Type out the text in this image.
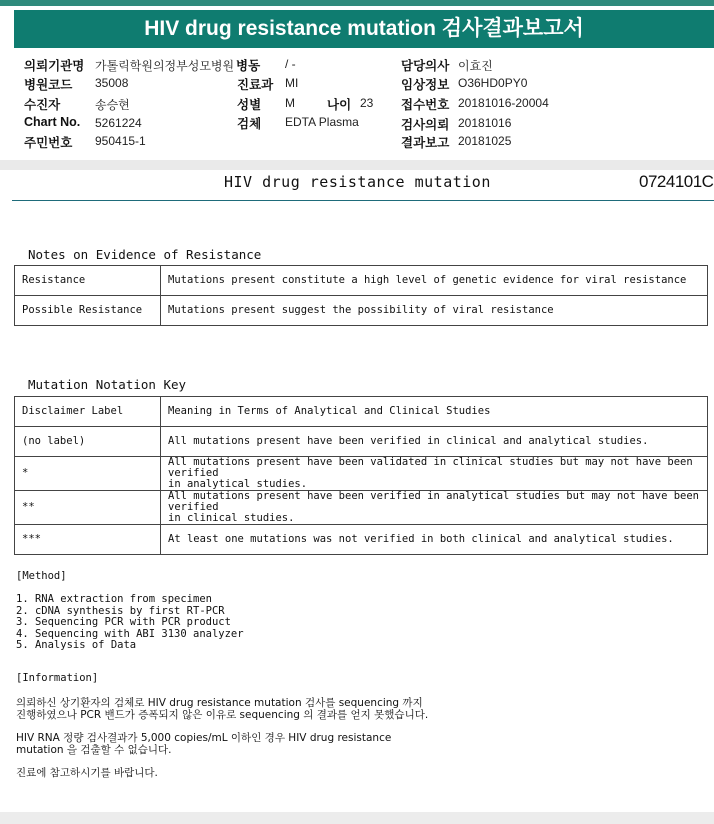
HIV drug resistance mutation 검사결과보고서
의뢰기관명 가톨릭학원의정부성모병원 병동 / -
병원코드 35008
수진자	송승현
Chart No. 5261224
주민번호 950415-1
진료과 MI
성별 M	나이 23
검체 EDTA Plasma
담당의사 이효진
임상정보 O36HD0PY0
접수번호 20181016-20004
검사의뢰 20181016
결과보고 20181025
HIV drug resistance mutation	0724101C
Notes on Evidence of Resistance
Resistance	Mutations present constitute a high level of genetic evidence for viral resistance
Possible Resistance	Mutations present suggest the possibility of viral resistance
Mutation Notation Key
Disclaimer Label	Meaning in Terms of Analytical and Clinical Studies
(no label)	All mutations present have been verified in clinical and analytical studies.
*	All mutations present have been validated in clinical studies but may not have been verified
in analytical studies.

**	All mutations present have been verified in analytical studies but may not have been verified
in clinical studies.

***	At least one mutations was not verified in both clinical and analytical studies.
[Method]
1. RNA extraction from specimen
2. cDNA synthesis by first RT-PCR
3. Sequencing PCR with PCR product
4. Sequencing with ABI 3130 analyzer
5. Analysis of Data
[Information]
의뢰하신 상기환자의 검체로 HIV drug resistance mutation 검사를 sequencing 까지
진행하였으나 PCR 밴드가 증폭되지 않은 이유로 sequencing 의 결과를 얻지 못했습니다.
HIV RNA 정량 검사결과가 5,000 copies/mL 이하인 경우 HIV drug resistance
mutation 을 검출할 수 없습니다.
진료에 참고하시기를 바랍니다.
